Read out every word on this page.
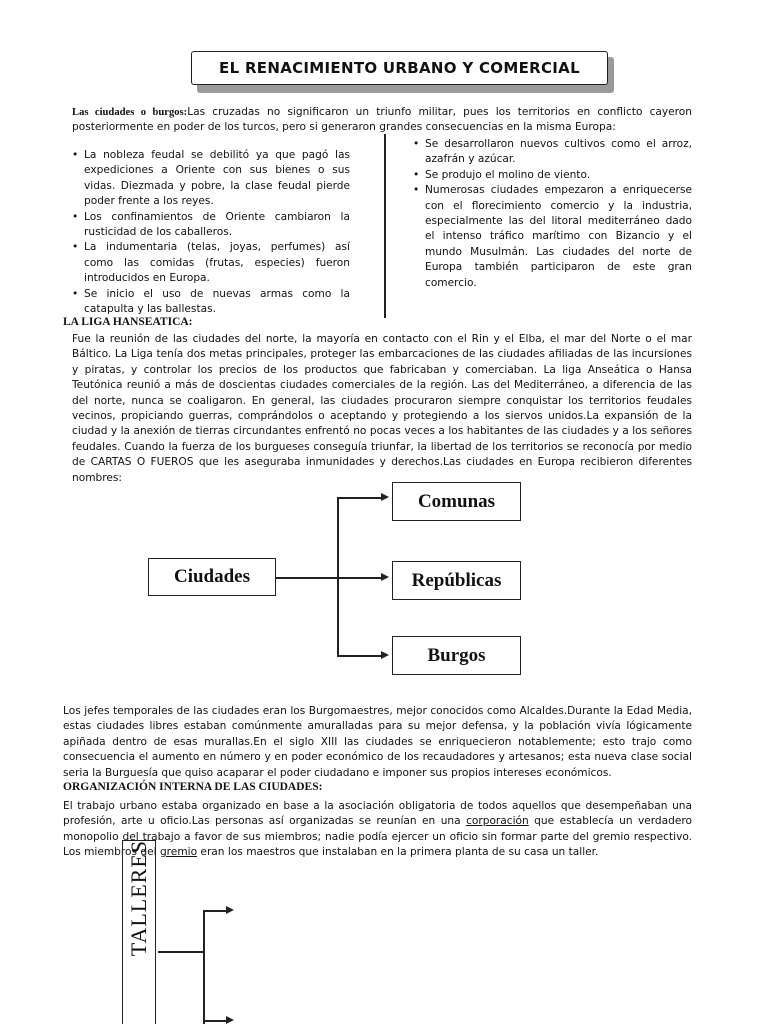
EL RENACIMIENTO URBANO Y COMERCIAL
Las ciudades o burgos:Las cruzadas no significaron un triunfo militar, pues los territorios en conflicto cayeron posteriormente en poder de los turcos, pero si generaron grandes consecuencias en la misma Europa:
• La nobleza feudal se debilitó ya que pagó las expediciones a Oriente con sus bienes o sus vidas. Diezmada y pobre, la clase feudal pierde poder frente a los reyes.
• Los confinamientos de Oriente cambiaron la rusticidad de los caballeros.
• La indumentaria (telas, joyas, perfumes) así como las comidas (frutas, especies) fueron introducidos en Europa.
• Se inicio el uso de nuevas armas como la catapulta y las ballestas.
• Se desarrollaron nuevos cultivos como el arroz, azafrán y azúcar.
• Se produjo el molino de viento.
• Numerosas ciudades empezaron a enriquecerse con el florecimiento comercio y la industria, especialmente las del litoral mediterráneo dado el intenso tráfico marítimo con Bizancio y el mundo Musulmán. Las ciudades del norte de Europa también participaron de este gran comercio.
LA LIGA HANSEATICA:
Fue la reunión de las ciudades del norte, la mayoría en contacto con el Rin y el Elba, el mar del Norte o el mar Báltico. La Liga tenía dos metas principales, proteger las embarcaciones de las ciudades afiliadas de las incursiones y piratas, y controlar los precios de los productos que fabricaban y comerciaban. La liga Anseática o Hansa Teutónica reunió a más de doscientas ciudades comerciales de la región. Las del Mediterráneo, a diferencia de las del norte, nunca se coaligaron. En general, las ciudades procuraron siempre conquistar los territorios feudales vecinos, propiciando guerras, comprándolos o aceptando y protegiendo a los siervos unidos.La expansión de la ciudad y la anexión de tierras circundantes enfrentó no pocas veces a los habitantes de las ciudades y a los señores feudales. Cuando la fuerza de los burgueses conseguía triunfar, la libertad de los territorios se reconocía por medio de CARTAS O FUEROS que les aseguraba inmunidades y derechos.Las ciudades en Europa recibieron diferentes nombres:
Ciudades
Comunas
Repúblicas
Burgos
Los jefes temporales de las ciudades eran los Burgomaestres, mejor conocidos como Alcaldes.Durante la Edad Media, estas ciudades libres estaban comúnmente amuralladas para su mejor defensa, y la población vivía lógicamente apiñada dentro de esas murallas.En el siglo XIII las ciudades se enriquecieron notablemente; esto trajo como consecuencia el aumento en número y en poder económico de los recaudadores y artesanos; esta nueva clase social seria la Burguesía que quiso acaparar el poder ciudadano e imponer sus propios intereses económicos.
ORGANIZACIÓN INTERNA DE LAS CIUDADES:
El trabajo urbano estaba organizado en base a la asociación obligatoria de todos aquellos que desempeñaban una profesión, arte u oficio.Las personas así organizadas se reunían en una corporación que establecía un verdadero monopolio del trabajo a favor de sus miembros; nadie podía ejercer un oficio sin formar parte del gremio respectivo. Los miembros del gremio eran los maestros que instalaban en la primera planta de su casa un taller.
TALLERES
